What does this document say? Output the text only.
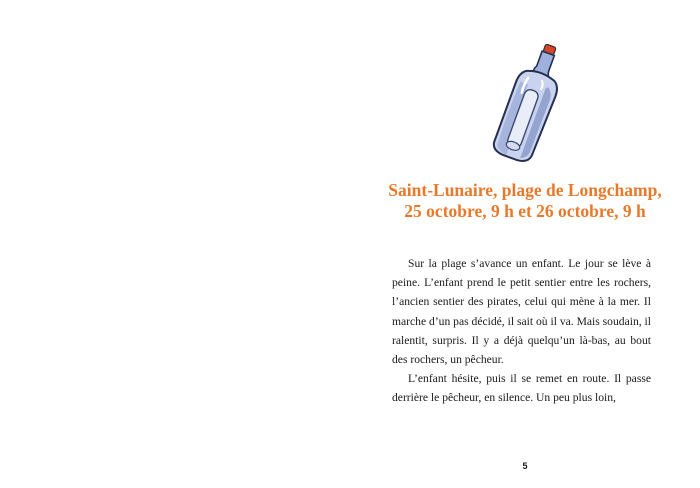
Saint-Lunaire, plage de Longchamp,
25 octobre, 9 h et 26 octobre, 9 h

Sur la plage s’avance un enfant. Le jour se lève à peine. L’enfant prend le petit sentier entre les rochers, l’ancien sentier des pirates, celui qui mène à la mer. Il marche d’un pas décidé, il sait où il va. Mais soudain, il ralentit, surpris. Il y a déjà quelqu’un là-bas, au bout des rochers, un pêcheur.

L’enfant hésite, puis il se remet en route. Il passe derrière le pêcheur, en silence. Un peu plus loin,

5
